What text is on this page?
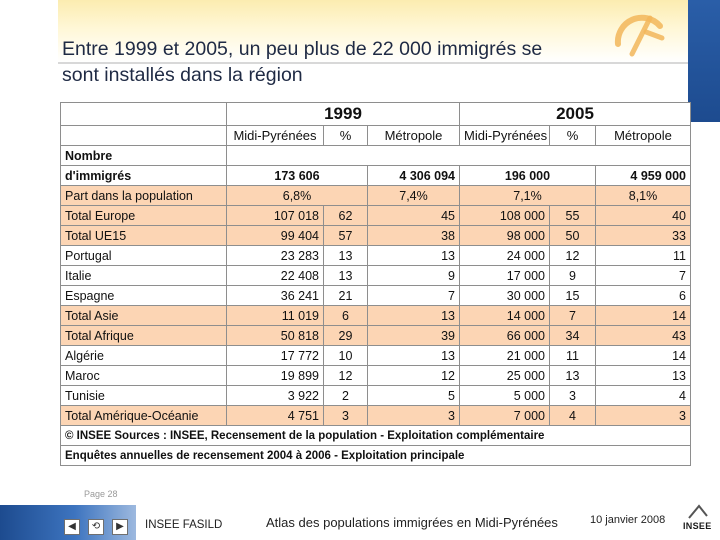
Entre 1999 et 2005, un peu plus de 22 000 immigrés se
sont installés dans la région
	1999			2005		
	Midi-Pyrénées	%	Métropole	Midi-Pyrénées	%	Métropole
Nombre						
d'immigrés	173 606		4 306 094	196 000		4 959 000
Part dans la population	6,8%		7,4%	7,1%		8,1%
Total Europe	107 018	62	45	108 000	55	40
Total UE15	99 404	57	38	98 000	50	33
Portugal	23 283	13	13	24 000	12	11
Italie	22 408	13	9	17 000	9	7
Espagne	36 241	21	7	30 000	15	6
Total Asie	11 019	6	13	14 000	7	14
Total Afrique	50 818	29	39	66 000	34	43
Algérie	17 772	10	13	21 000	11	14
Maroc	19 899	12	12	25 000	13	13
Tunisie	3 922	2	5	5 000	3	4
Total Amérique-Océanie	4 751	3	3	7 000	4	3
© INSEE Sources : INSEE, Recensement de la population - Exploitation complémentaire						
Enquêtes annuelles de recensement 2004 à 2006 - Exploitation principale						
Page 28
◀	⟲	▶	INSEE FASILD	Atlas des populations immigrées en Midi-Pyrénées	10 janvier 2008 INSEE
